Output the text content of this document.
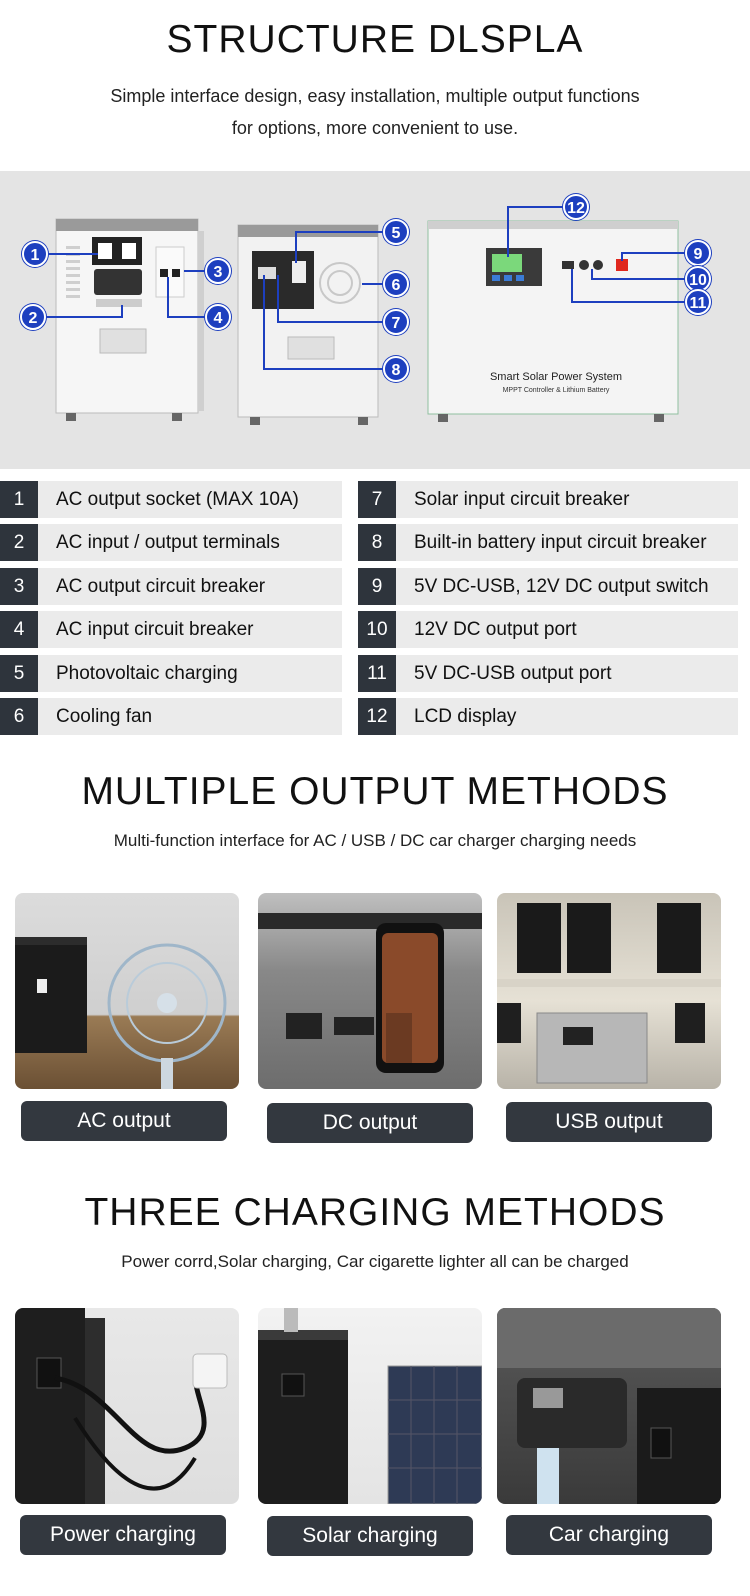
STRUCTURE DLSPLA
Simple interface design, easy installation, multiple output functions
for options, more convenient to use.
Smart Solar Power System
MPPT Controller & Lithium Battery
1
2
3
4
5
6
7
8
9
10
11
12
1	AC output socket (MAX 10A)
2	AC input / output terminals
3	AC output circuit breaker
4	AC input circuit breaker
5	Photovoltaic charging
6	Cooling fan
7	Solar input circuit breaker
8	Built-in battery input circuit breaker
9	5V DC-USB, 12V DC output switch
10	12V DC output port
11	5V DC-USB output port
12	LCD display
MULTIPLE OUTPUT METHODS
Multi-function interface for AC / USB / DC car charger charging needs
AC output	DC output	USB output
THREE CHARGING METHODS
Power corrd,Solar charging, Car cigarette lighter all can be charged
Power charging	Solar charging	Car charging
